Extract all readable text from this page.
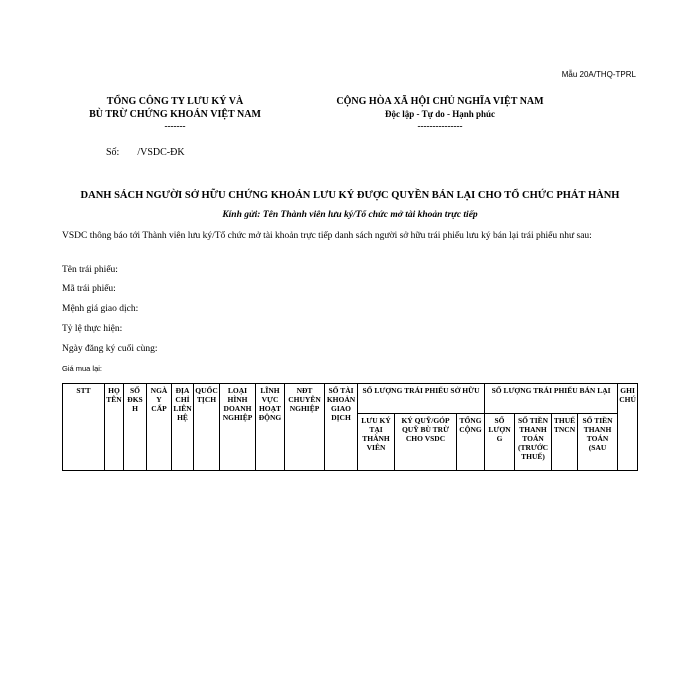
Mẫu 20A/THQ-TPRL
TỔNG CÔNG TY LƯU KÝ VÀ
BÙ TRỪ CHỨNG KHOÁN VIỆT NAM
-------
CỘNG HÒA XÃ HỘI CHỦ NGHĨA VIỆT NAM
Độc lập - Tự do - Hạnh phúc
---------------
Số: /VSDC-ĐK
DANH SÁCH NGƯỜI SỞ HỮU CHỨNG KHOÁN LƯU KÝ ĐƯỢC QUYỀN BÁN LẠI CHO TỔ CHỨC PHÁT HÀNH
Kính gửi: Tên Thành viên lưu ký/Tổ chức mở tài khoản trực tiếp
VSDC thông báo tới Thành viên lưu ký/Tổ chức mở tài khoản trực tiếp danh sách người sở hữu trái phiếu lưu ký bán lại trái phiếu như sau:
Tên trái phiếu:
Mã trái phiếu:
Mệnh giá giao dịch:
Tỷ lệ thực hiện:
Ngày đăng ký cuối cùng:
Giá mua lại:
STT	HỌ TÊN	SỐ ĐKSH	NGÀY CẤP	ĐỊA CHỈ LIÊN HỆ	QUỐC TỊCH	LOẠI HÌNH DOANH NGHIỆP	LĨNH VỰC HOẠT ĐỘNG	NĐT CHUYÊN NGHIỆP	SỐ TÀI KHOẢN GIAO DỊCH	SỐ LƯỢNG TRÁI PHIẾU SỞ HỮU			SỐ LƯỢNG TRÁI PHIẾU BÁN LẠI				GHI CHÚ
										LƯU KÝ TẠI THÀNH VIÊN	KÝ QUỸ/GÓP QUỸ BÙ TRỪ CHO VSDC	TỔNG CỘNG	SỐ LƯỢNG	SỐ TIỀN THANH TOÁN (TRƯỚC THUẾ)	THUẾ TNCN	SỐ TIỀN THANH TOÁN (SAU	
